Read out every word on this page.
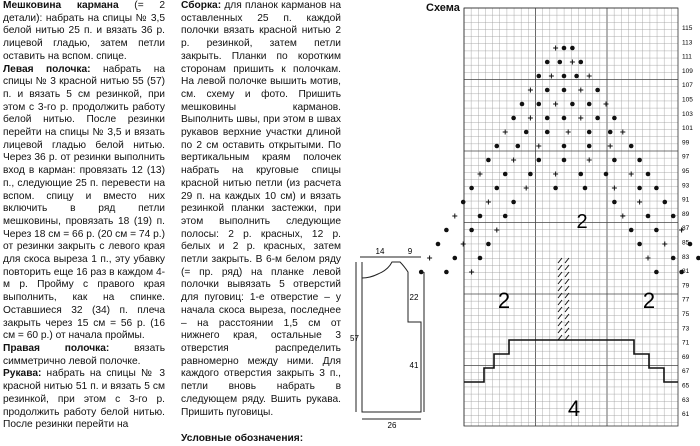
Мешковина кармана (= 2 детали): набрать на спицы № 3,5 белой нитью 25 п. и вязать 36 р. лицевой гладью, затем петли оставить на вспом. спице.

Левая полочка: набрать на спицы № 3 красной нитью 55 (57) п. и вязать 5 см резинкой, при этом с 3-го р. продолжить работу белой нитью. После резинки перейти на спицы № 3,5 и вязать лицевой гладью белой нитью. Через 36 р. от резинки выполнить вход в карман: провязать 12 (13) п., следующие 25 п. перевести на вспом. спицу и вместо них включить в ряд петли мешковины, провязать 18 (19) п. Через 18 см = 66 р. (20 см = 74 р.) от резинки закрыть с левого края для скоса выреза 1 п., эту убавку повторить еще 16 раз в каждом 4-м р. Пройму с правого края выполнить, как на спинке. Оставшиеся 32 (34) п. плеча закрыть через 15 см = 56 р. (16 см = 60 р.) от начала проймы.

Правая полочка: вязать симметрично левой полочке.

Рукава: набрать на спицы № 3 красной нитью 51 п. и вязать 5 см резинкой, при этом с 3-го р. продолжить работу белой нитью. После резинки перейти на

Сборка: для планок карманов на оставленных 25 п. каждой полочки вязать красной нитью 2 р. резинкой, затем петли закрыть. Планки по коротким сторонам пришить к полочкам. На левой полочке вышить мотив, см. схему и фото. Пришить мешковины карманов. Выполнить швы, при этом в швах рукавов верхние участки длиной по 2 см оставить открытыми. По вертикальным краям полочек набрать на круговые спицы красной нитью петли (из расчета 29 п. на каждых 10 см) и вязать резинкой планки застежки, при этом выполнить следующие полосы: 2 р. красных, 12 р. белых и 2 р. красных, затем петли закрыть. В 6-м белом ряду (= пр. ряд) на планке левой полочки вывязать 5 отверстий для пуговиц: 1-е отверстие – у начала скоса выреза, последнее – на расстоянии 1,5 см от нижнего края, остальные 3 отверстия распределить равномерно между ними. Для каждого отверстия закрыть 3 п., петли вновь набрать в следующем ряду. Вшить рукава. Пришить пуговицы.

Условные обозначения:

14	9
22
41
57
26
Схема
115
113
111
109
107
105
103
101
99
97
95
93
91
89
87
85
83
81
79
77
75
73
71
69
67
65
63
61
2
2
2
4
